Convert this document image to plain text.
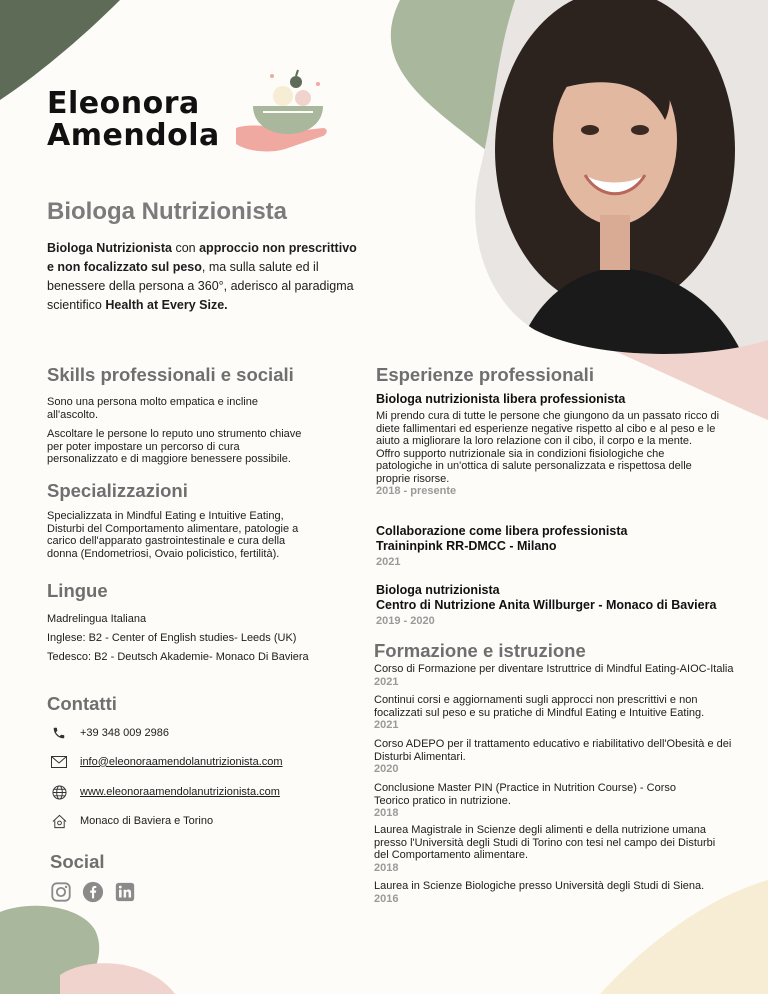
Eleonora
Amendola
Biologa Nutrizionista
Biologa Nutrizionista con approccio non prescrittivo e non focalizzato sul peso, ma sulla salute ed il benessere della persona a 360°, aderisco al paradigma scientifico Health at Every Size.
Skills professionali e sociali
Sono una persona molto empatica e incline all'ascolto.
Ascoltare le persone lo reputo uno strumento chiave per poter impostare un percorso di cura personalizzato e di maggiore benessere possibile.
Specializzazioni
Specializzata in Mindful Eating e Intuitive Eating, Disturbi del Comportamento alimentare, patologie a carico dell'apparato gastrointestinale e cura della donna (Endometriosi, Ovaio policistico, fertilità).
Lingue
Madrelingua Italiana
Inglese: B2 - Center of English studies- Leeds (UK)
Tedesco: B2 - Deutsch Akademie- Monaco Di Baviera
Contatti
+39 348 009 2986
info@eleonoraamendolanutrizionista.com
www.eleonoraamendolanutrizionista.com
Monaco di Baviera e Torino
Social
Esperienze professionali
Biologa nutrizionista libera professionista
Mi prendo cura di tutte le persone che giungono da un passato ricco di diete fallimentari ed esperienze negative rispetto al cibo e al peso e le aiuto a migliorare la loro relazione con il cibo, il corpo e la mente.
Offro supporto nutrizionale sia in condizioni fisiologiche che patologiche in un'ottica di salute personalizzata e rispettosa delle proprie risorse.
2018 - presente
Collaborazione come libera professionista
Traininpink RR-DMCC - Milano
2021
Biologa nutrizionista
Centro di Nutrizione Anita Willburger - Monaco di Baviera
2019 - 2020
Formazione e istruzione
Corso di Formazione per diventare Istruttrice di Mindful Eating-AIOC-Italia
2021
Continui corsi e aggiornamenti sugli approcci non prescrittivi e non focalizzati sul peso e su pratiche di Mindful Eating e Intuitive Eating.
2021
Corso ADEPO per il trattamento educativo e riabilitativo dell'Obesità e dei Disturbi Alimentari.
2020
Conclusione Master PIN (Practice in Nutrition Course) - Corso Teorico pratico in nutrizione.
2018
Laurea Magistrale in Scienze degli alimenti e della nutrizione umana presso l'Università degli Studi di Torino con tesi nel campo dei Disturbi del Comportamento alimentare.
2018
Laurea in Scienze Biologiche presso Università degli Studi di Siena.
2016
